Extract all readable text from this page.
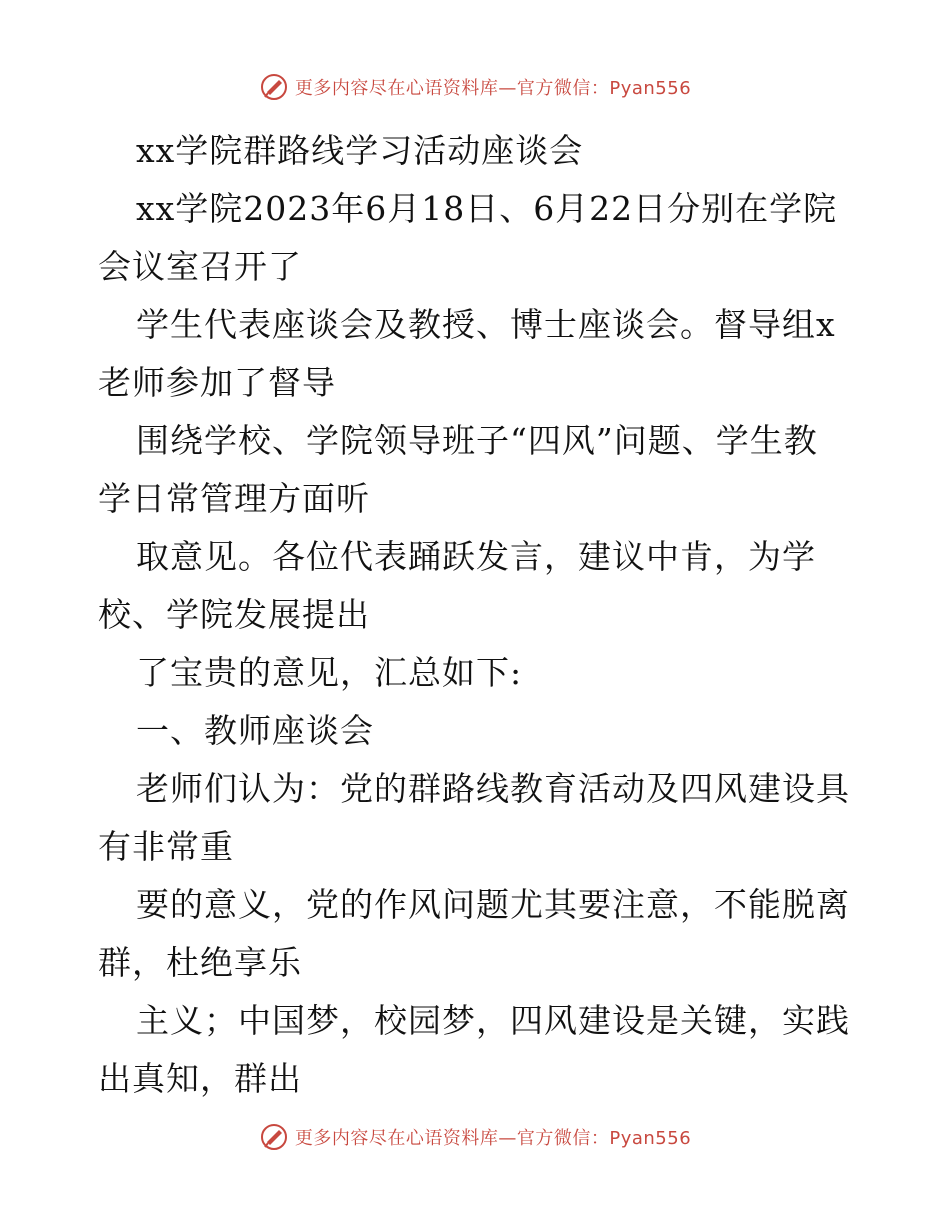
更多内容尽在心语资料库—官方微信：Pyan556
xx学院群路线学习活动座谈会
xx学院2023年6月18日、6月22日分别在学院
会议室召开了
学生代表座谈会及教授、博士座谈会。督导组x
老师参加了督导
围绕学校、学院领导班子“四风”问题、学生教
学日常管理方面听
取意见。各位代表踊跃发言，建议中肯，为学
校、学院发展提出
了宝贵的意见，汇总如下:
一、教师座谈会
老师们认为：党的群路线教育活动及四风建设具
有非常重
要的意义，党的作风问题尤其要注意，不能脱离
群，杜绝享乐
主义；中国梦，校园梦，四风建设是关键，实践
出真知，群出
更多内容尽在心语资料库—官方微信：Pyan556
